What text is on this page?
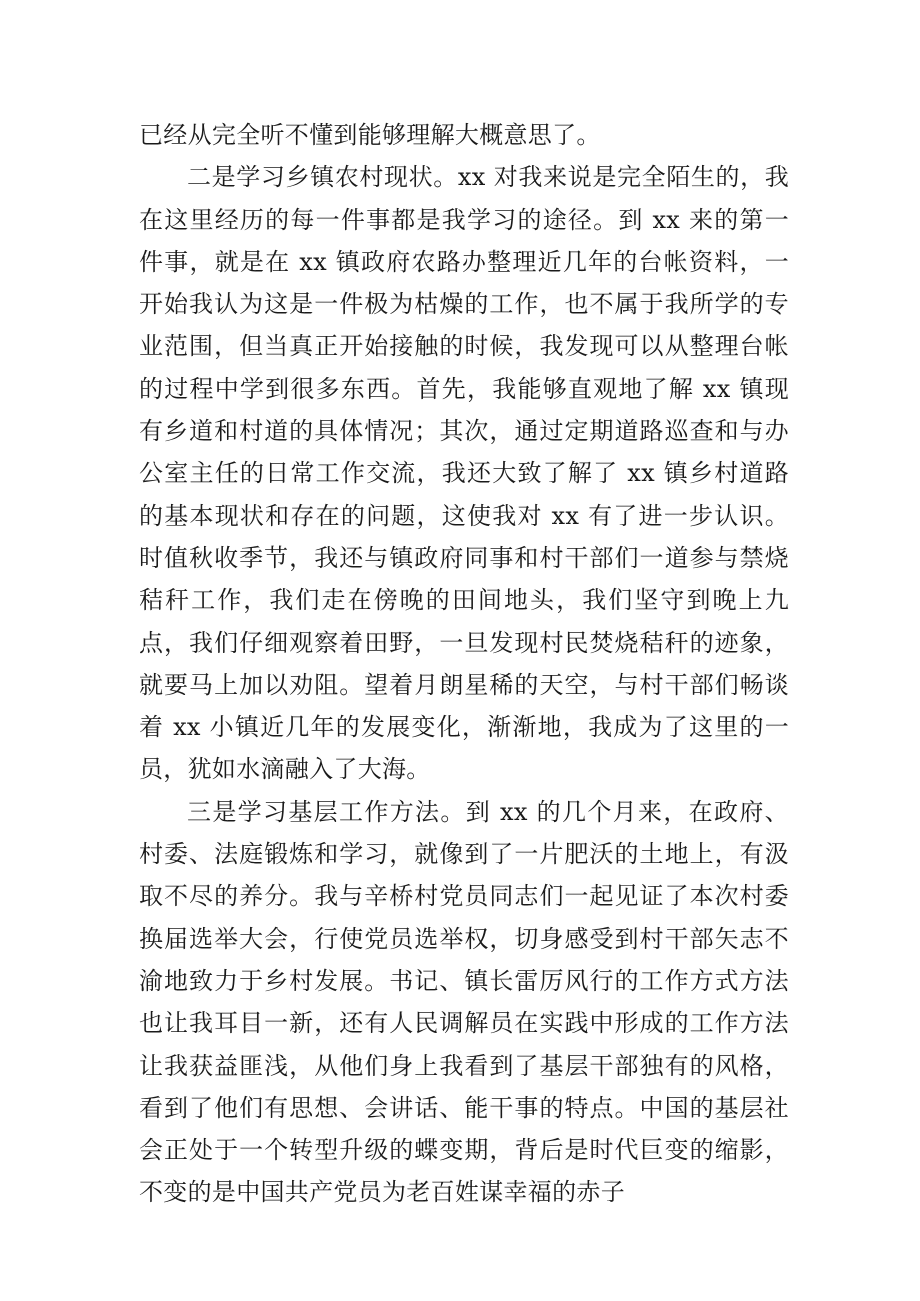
已经从完全听不懂到能够理解大概意思了。

二是学习乡镇农村现状。xx 对我来说是完全陌生的，我在这里经历的每一件事都是我学习的途径。到 xx 来的第一件事，就是在 xx 镇政府农路办整理近几年的台帐资料，一开始我认为这是一件极为枯燥的工作，也不属于我所学的专业范围，但当真正开始接触的时候，我发现可以从整理台帐的过程中学到很多东西。首先，我能够直观地了解 xx 镇现有乡道和村道的具体情况；其次，通过定期道路巡查和与办公室主任的日常工作交流，我还大致了解了 xx 镇乡村道路的基本现状和存在的问题，这使我对 xx 有了进一步认识。时值秋收季节，我还与镇政府同事和村干部们一道参与禁烧秸秆工作，我们走在傍晚的田间地头，我们坚守到晚上九点，我们仔细观察着田野，一旦发现村民焚烧秸秆的迹象，就要马上加以劝阻。望着月朗星稀的天空，与村干部们畅谈着 xx 小镇近几年的发展变化，渐渐地，我成为了这里的一员，犹如水滴融入了大海。

三是学习基层工作方法。到 xx 的几个月来，在政府、村委、法庭锻炼和学习，就像到了一片肥沃的土地上，有汲取不尽的养分。我与辛桥村党员同志们一起见证了本次村委换届选举大会，行使党员选举权，切身感受到村干部矢志不渝地致力于乡村发展。书记、镇长雷厉风行的工作方式方法也让我耳目一新，还有人民调解员在实践中形成的工作方法让我获益匪浅，从他们身上我看到了基层干部独有的风格，看到了他们有思想、会讲话、能干事的特点。中国的基层社会正处于一个转型升级的蝶变期，背后是时代巨变的缩影，不变的是中国共产党员为老百姓谋幸福的赤子
